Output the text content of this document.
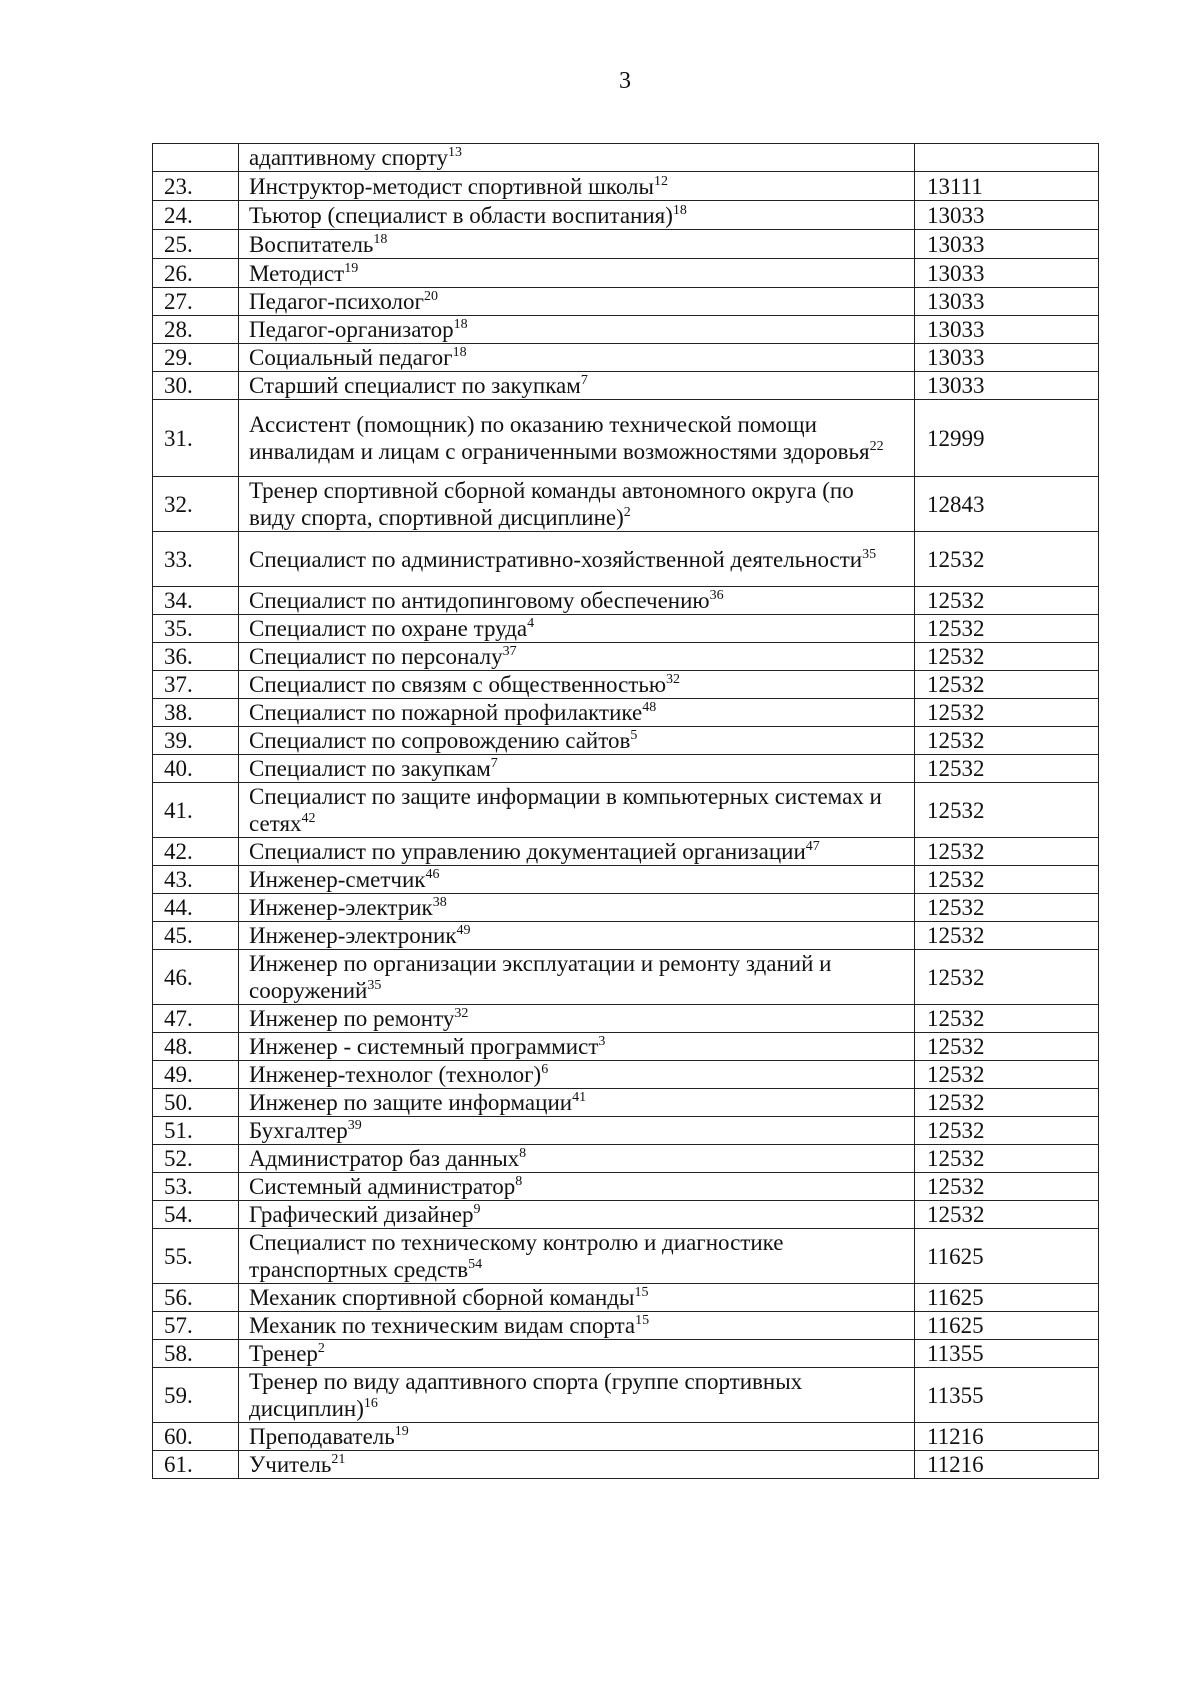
3
	адаптивному спорту$^{13}$	
23.	Инструктор-методист спортивной школы$^{12}$	13111
24.	Тьютор (специалист в области воспитания)$^{18}$	13033
25.	Воспитатель$^{18}$	13033
26.	Методист$^{19}$	13033
27.	Педагог-психолог$^{20}$	13033
28.	Педагог-организатор$^{18}$	13033
29.	Социальный педагог$^{18}$	13033
30.	Старший специалист по закупкам$^7$	13033
31.	Ассистент (помощник) по оказанию технической помощи инвалидам и лицам с ограниченными возможностями здоровья$^{22}$	12999
32.	Тренер спортивной сборной команды автономного округа (по виду спорта, спортивной дисциплине)$^2$	12843
33.	Специалист по административно-хозяйственной деятельности$^{35}$	12532
34.	Специалист по антидопинговому обеспечению$^{36}$	12532
35.	Специалист по охране труда$^4$	12532
36.	Специалист по персоналу$^{37}$	12532
37.	Специалист по связям с общественностью$^{32}$	12532
38.	Специалист по пожарной профилактике$^{48}$	12532
39.	Специалист по сопровождению сайтов$^5$	12532
40.	Специалист по закупкам$^7$	12532
41.	Специалист по защите информации в компьютерных системах и сетях$^{42}$	12532
42.	Специалист по управлению документацией организации$^{47}$	12532
43.	Инженер-сметчик$^{46}$	12532
44.	Инженер-электрик$^{38}$	12532
45.	Инженер-электроник$^{49}$	12532
46.	Инженер по организации эксплуатации и ремонту зданий и сооружений$^{35}$	12532
47.	Инженер по ремонту$^{32}$	12532
48.	Инженер - системный программист$^3$	12532
49.	Инженер-технолог (технолог)$^6$	12532
50.	Инженер по защите информации$^{41}$	12532
51.	Бухгалтер$^{39}$	12532
52.	Администратор баз данных$^8$	12532
53.	Системный администратор$^8$	12532
54.	Графический дизайнер$^9$	12532
55.	Специалист по техническому контролю и диагностике транспортных средств$^{54}$	11625
56.	Механик спортивной сборной команды$^{15}$	11625
57.	Механик по техническим видам спорта$^{15}$	11625
58.	Тренер$^2$	11355
59.	Тренер по виду адаптивного спорта (группе спортивных дисциплин)$^{16}$	11355
60.	Преподаватель$^{19}$	11216
61.	Учитель$^{21}$	11216
